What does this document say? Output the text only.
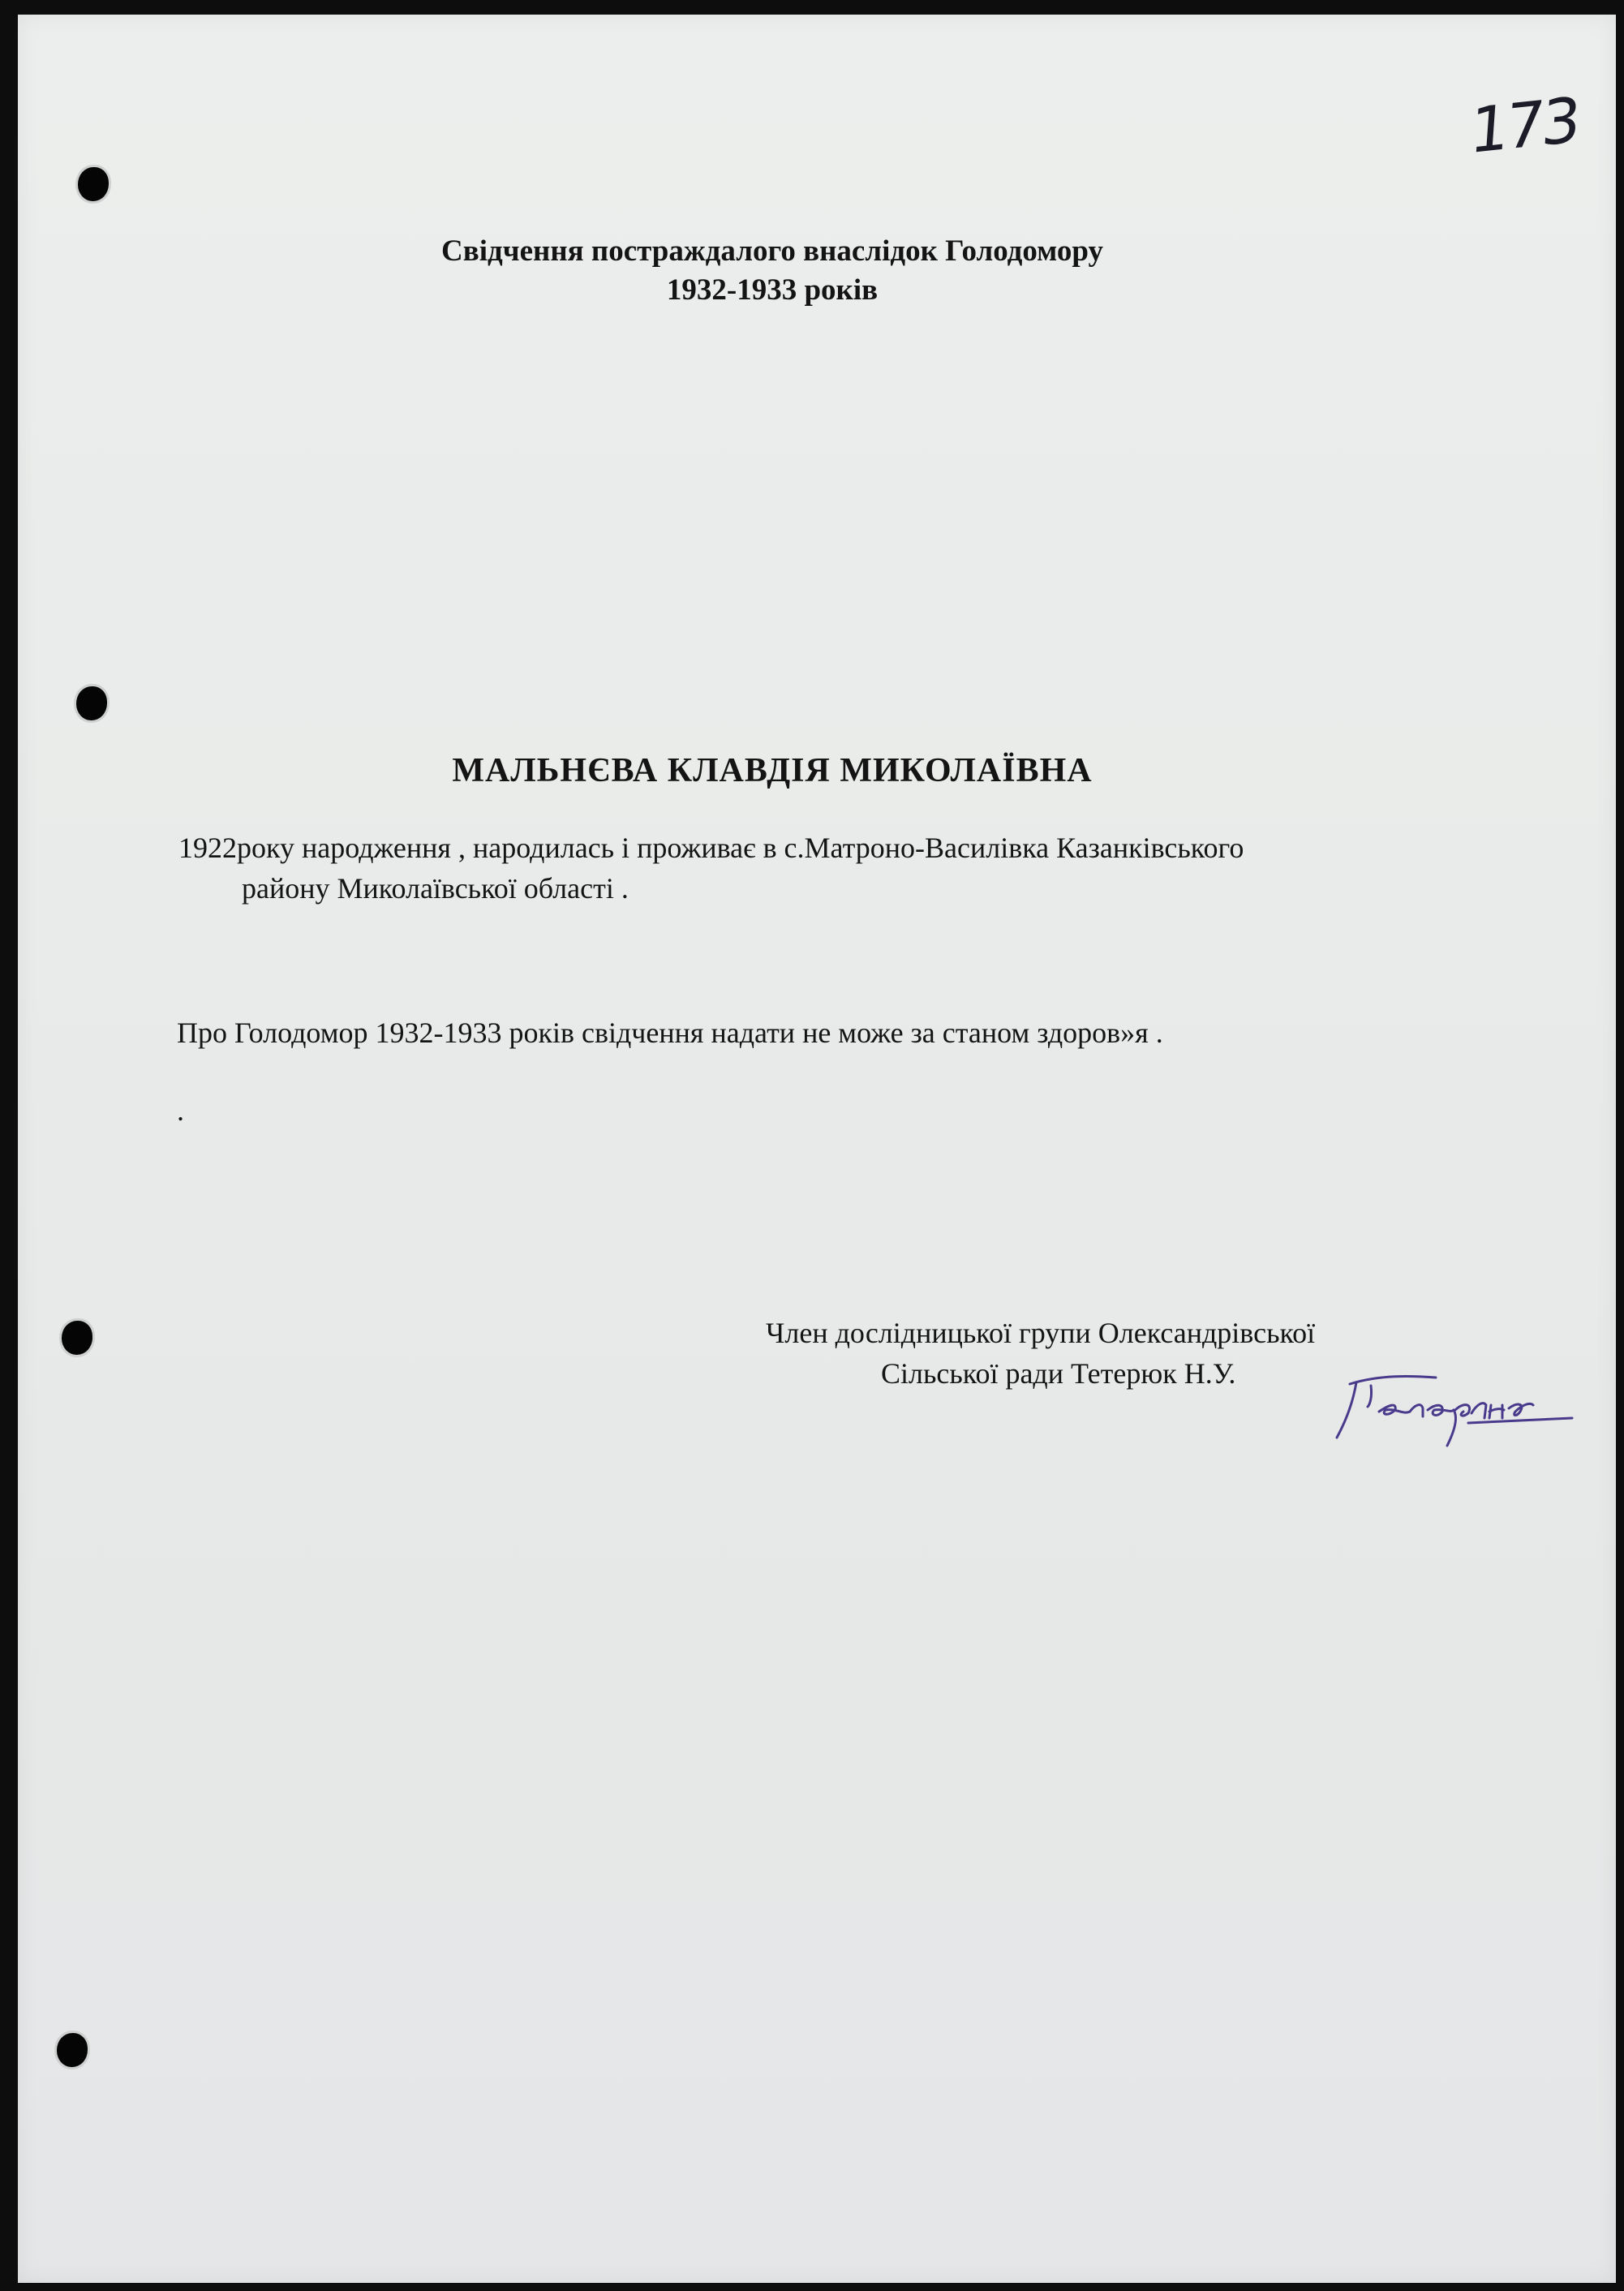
173

Свідчення постраждалого внаслідок Голодомору

1932-1933 років

МАЛЬНЄВА КЛАВДІЯ МИКОЛАЇВНА

1922року народження , народилась і проживає в с.Матроно-Василівка Казанківського

району Миколаївської області .

Про Голодомор 1932-1933 років свідчення надати не може за станом здоров»я .

.

Член дослідницької групи Олександрівської

Сільської ради Тетерюк Н.У.
